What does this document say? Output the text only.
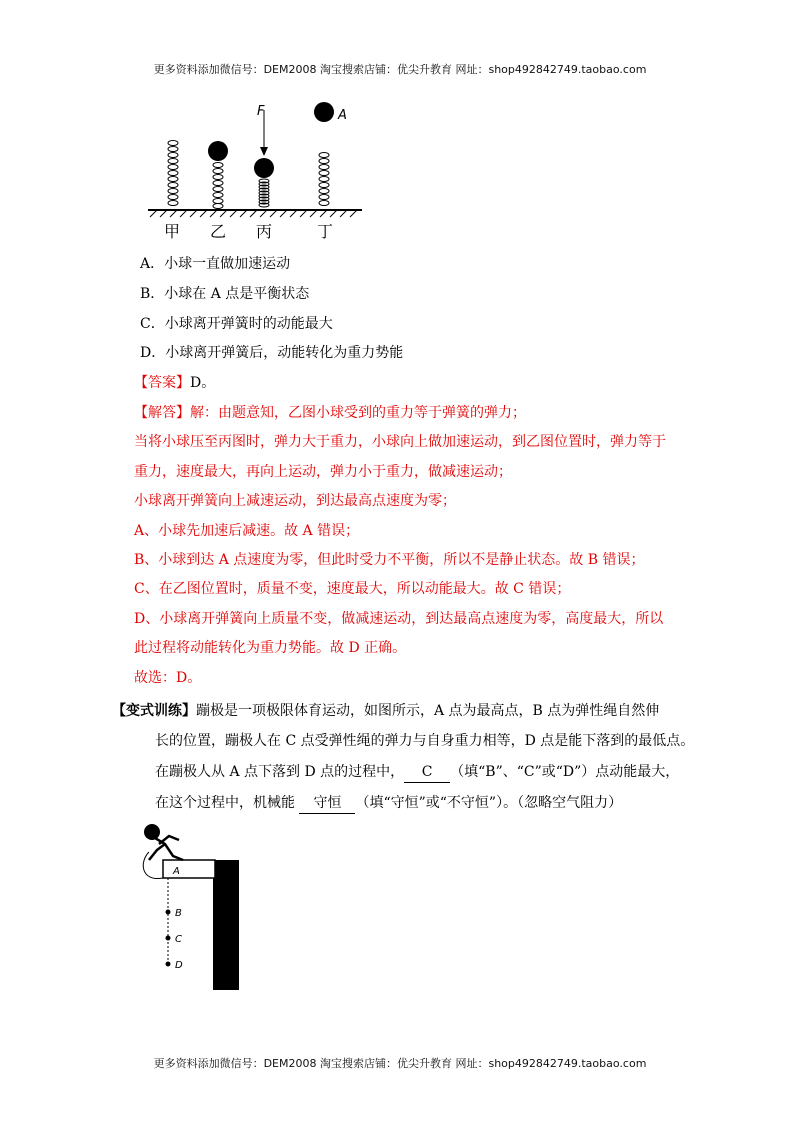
更多资料添加微信号：DEM2008 淘宝搜索店铺：优尖升教育 网址：shop492842749.taobao.com
F	A
甲 乙 丙	丁
A．小球一直做加速运动
B．小球在 A 点是平衡状态
C．小球离开弹簧时的动能最大
D．小球离开弹簧后，动能转化为重力势能
【答案】D。
【解答】解：由题意知，乙图小球受到的重力等于弹簧的弹力；
当将小球压至丙图时，弹力大于重力，小球向上做加速运动，到乙图位置时，弹力等于
重力，速度最大，再向上运动，弹力小于重力，做减速运动；
小球离开弹簧向上减速运动，到达最高点速度为零；
A、小球先加速后减速。故 A 错误；
B、小球到达 A 点速度为零，但此时受力不平衡，所以不是静止状态。故 B 错误；
C、在乙图位置时，质量不变，速度最大，所以动能最大。故 C 错误；
D、小球离开弹簧向上质量不变，做减速运动，到达最高点速度为零，高度最大，所以
此过程将动能转化为重力势能。故 D 正确。
故选：D。
【变式训练】蹦极是一项极限体育运动，如图所示，A 点为最高点，B 点为弹性绳自然伸
长的位置，蹦极人在 C 点受弹性绳的弹力与自身重力相等，D 点是能下落到的最低点。
在蹦极人从 A 点下落到 D 点的过程中， C （填“B”、“C”或“D”）点动能最大，
在这个过程中，机械能 守恒 （填“守恒”或“不守恒”）。（忽略空气阻力）
A
B
C
D
更多资料添加微信号：DEM2008 淘宝搜索店铺：优尖升教育 网址：shop492842749.taobao.com
